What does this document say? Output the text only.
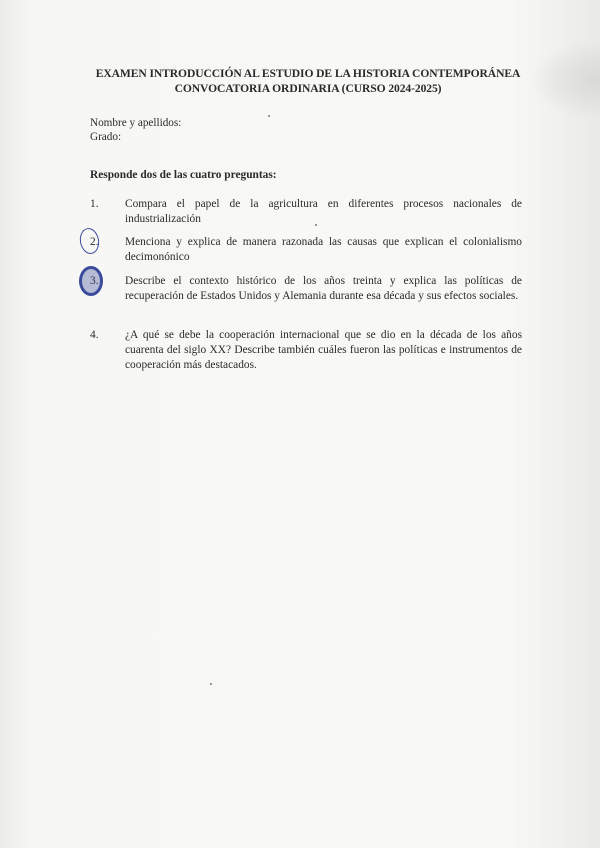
EXAMEN INTRODUCCIÓN AL ESTUDIO DE LA HISTORIA CONTEMPORÁNEA
CONVOCATORIA ORDINARIA (CURSO 2024-2025)
Nombre y apellidos:
Grado:
Responde dos de las cuatro preguntas:
1. Compara el papel de la agricultura en diferentes procesos nacionales de industrialización
2. Menciona y explica de manera razonada las causas que explican el colonialismo decimonónico
3. Describe el contexto histórico de los años treinta y explica las políticas de recuperación de Estados Unidos y Alemania durante esa década y sus efectos sociales.
4. ¿A qué se debe la cooperación internacional que se dio en la década de los años cuarenta del siglo XX? Describe también cuáles fueron las políticas e instrumentos de cooperación más destacados.
